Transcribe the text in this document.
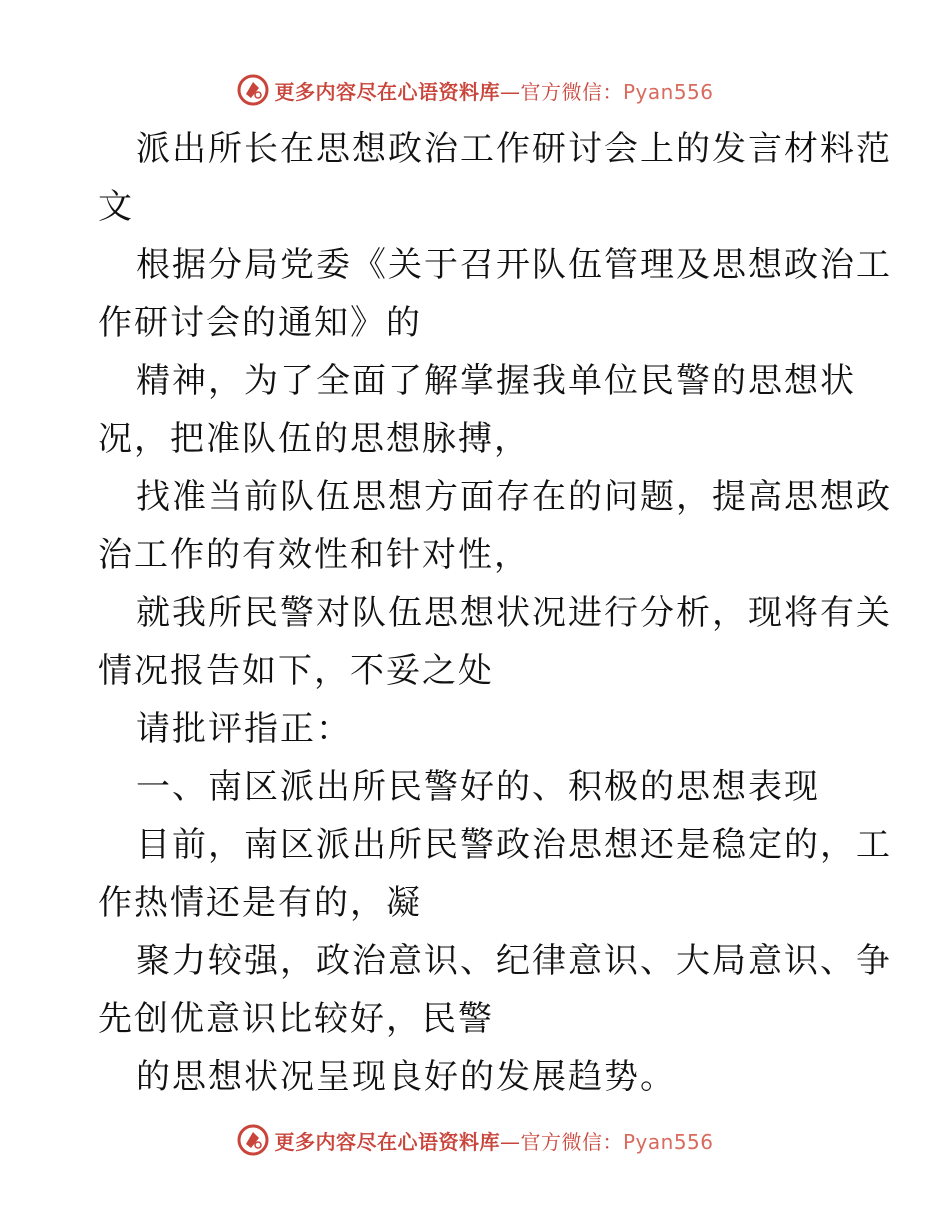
更多内容尽在心语资料库—官方微信：Pyan556
派出所长在思想政治工作研讨会上的发言材料范
文
根据分局党委《关于召开队伍管理及思想政治工
作研讨会的通知》的
精神，为了全面了解掌握我单位民警的思想状
况，把准队伍的思想脉搏，
找准当前队伍思想方面存在的问题，提高思想政
治工作的有效性和针对性，
就我所民警对队伍思想状况进行分析，现将有关
情况报告如下，不妥之处
请批评指正：
一、南区派出所民警好的、积极的思想表现
目前，南区派出所民警政治思想还是稳定的，工
作热情还是有的，凝
聚力较强，政治意识、纪律意识、大局意识、争
先创优意识比较好，民警
的思想状况呈现良好的发展趋势。
更多内容尽在心语资料库—官方微信：Pyan556
